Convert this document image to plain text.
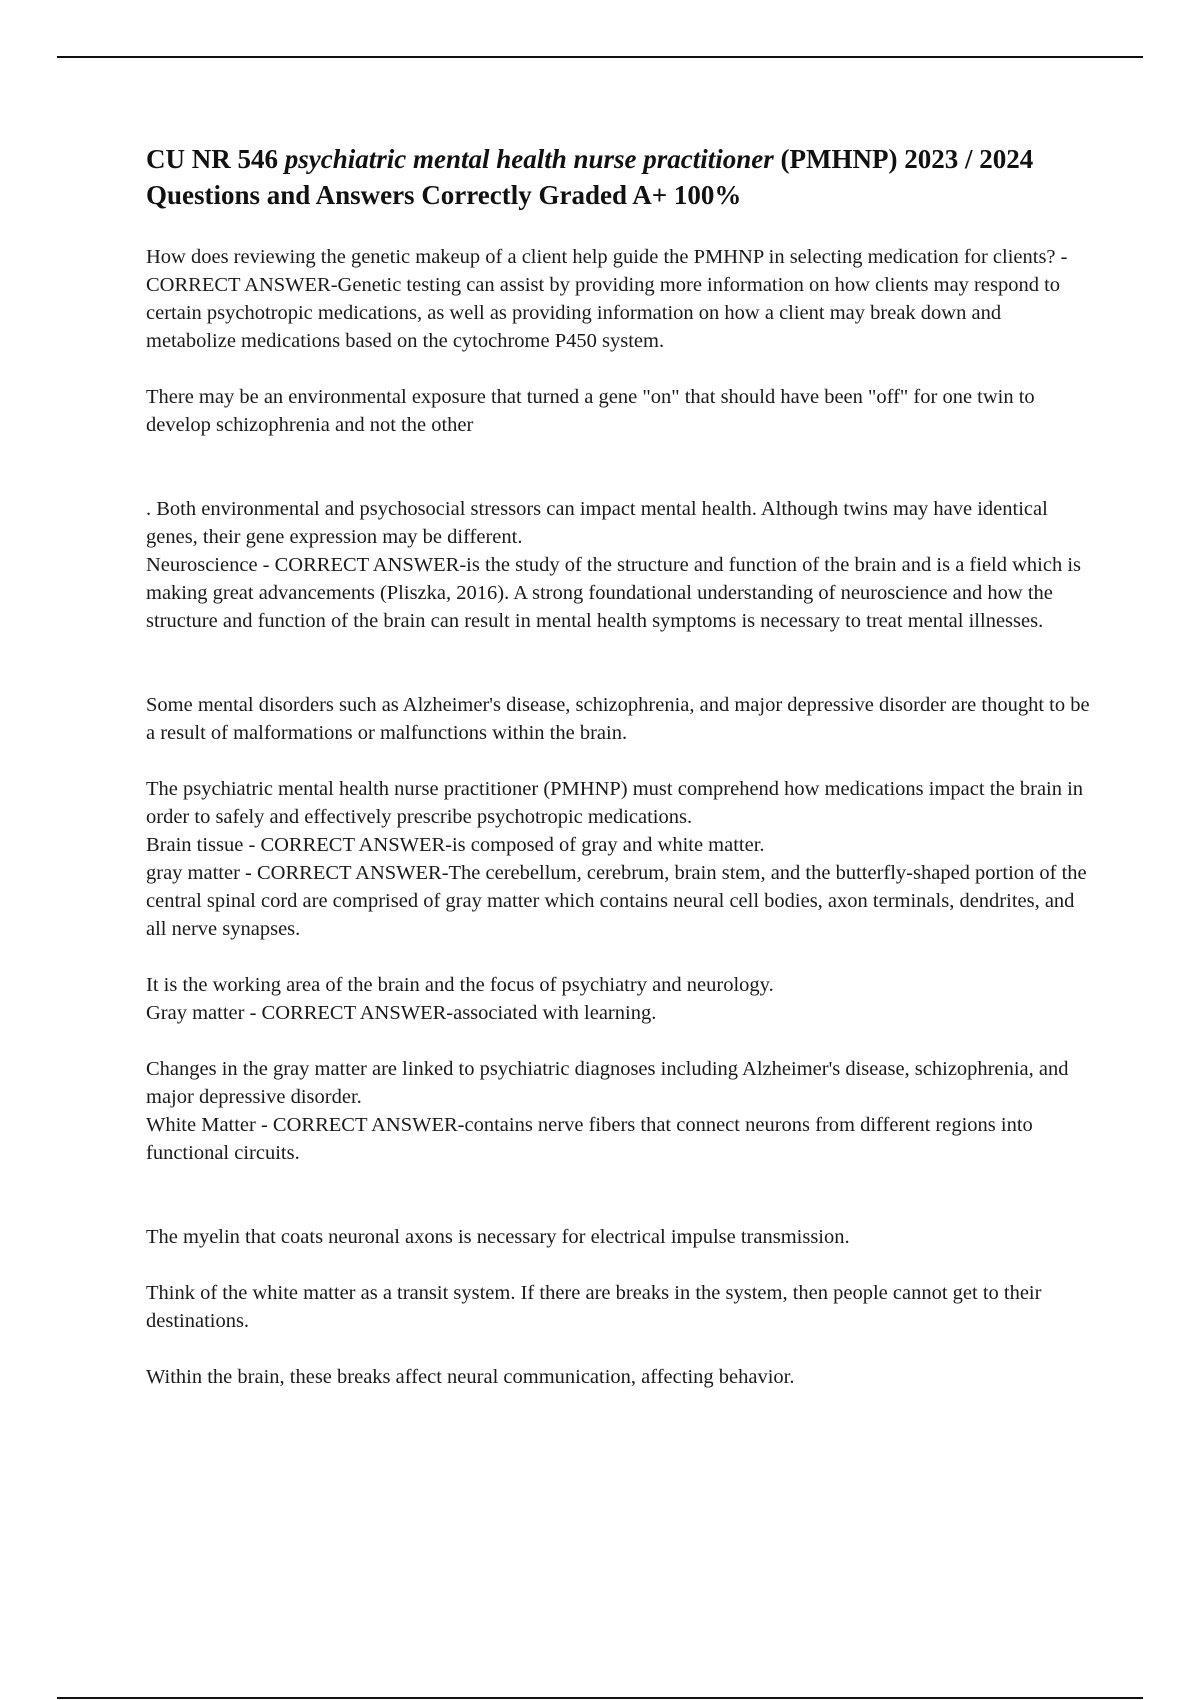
CU NR 546 psychiatric mental health nurse practitioner (PMHNP) 2023 / 2024 Questions and Answers Correctly Graded A+ 100%

How does reviewing the genetic makeup of a client help guide the PMHNP in selecting medication for clients? - CORRECT ANSWER-Genetic testing can assist by providing more information on how clients may respond to certain psychotropic medications, as well as providing information on how a client may break down and metabolize medications based on the cytochrome P450 system.

There may be an environmental exposure that turned a gene "on" that should have been "off" for one twin to develop schizophrenia and not the other

. Both environmental and psychosocial stressors can impact mental health. Although twins may have identical genes, their gene expression may be different.

Neuroscience - CORRECT ANSWER-is the study of the structure and function of the brain and is a field which is making great advancements (Pliszka, 2016). A strong foundational understanding of neuroscience and how the structure and function of the brain can result in mental health symptoms is necessary to treat mental illnesses.

Some mental disorders such as Alzheimer's disease, schizophrenia, and major depressive disorder are thought to be a result of malformations or malfunctions within the brain.

The psychiatric mental health nurse practitioner (PMHNP) must comprehend how medications impact the brain in order to safely and effectively prescribe psychotropic medications.

Brain tissue - CORRECT ANSWER-is composed of gray and white matter.

gray matter - CORRECT ANSWER-The cerebellum, cerebrum, brain stem, and the butterfly-shaped portion of the central spinal cord are comprised of gray matter which contains neural cell bodies, axon terminals, dendrites, and all nerve synapses.

It is the working area of the brain and the focus of psychiatry and neurology.

Gray matter - CORRECT ANSWER-associated with learning.

Changes in the gray matter are linked to psychiatric diagnoses including Alzheimer's disease, schizophrenia, and major depressive disorder.

White Matter - CORRECT ANSWER-contains nerve fibers that connect neurons from different regions into functional circuits.

The myelin that coats neuronal axons is necessary for electrical impulse transmission.

Think of the white matter as a transit system. If there are breaks in the system, then people cannot get to their destinations.

Within the brain, these breaks affect neural communication, affecting behavior.
